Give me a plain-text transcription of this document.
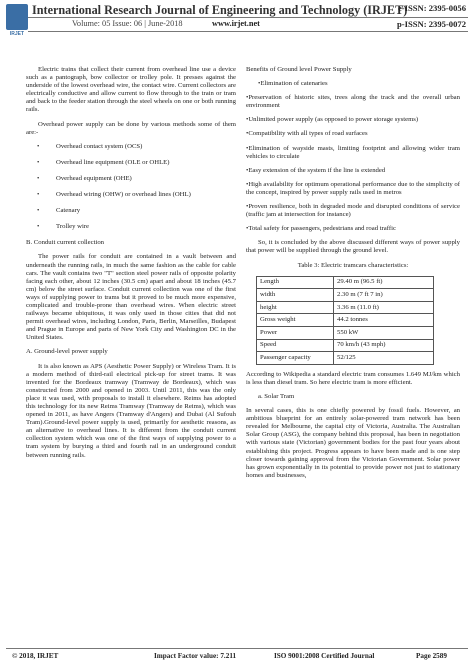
IRJET
International Research Journal of Engineering and Technology (IRJET)
e-ISSN: 2395-0056
Volume: 05 Issue: 06 | June-2018	www.irjet.net	p-ISSN: 2395-0072

Electric trains that collect their current from overhead line use a device such as a pantograph, bow collector or trolley pole. It presses against the underside of the lowest overhead wire, the contact wire. Current collectors are electrically conductive and allow current to flow through to the train or tram and back to the feeder station through the steel wheels on one or both running rails.

Overhead power supply can be done by various methods some of them are:-

• Overhead contact system (OCS)
• Overhead line equipment (OLE or OHLE)
• Overhead equipment (OHE)
• Overhead wiring (OHW) or overhead lines (OHL)
• Catenary
• Trolley wire
B. Conduit current collection

The power rails for conduit are contained in a vault between and underneath the running rails, in much the same fashion as the cable for cable cars. The vault contains two "T" section steel power rails of opposite polarity facing each other, about 12 inches (30.5 cm) apart and about 18 inches (45.7 cm) below the street surface. Conduit current collection was one of the first ways of supplying power to trams but it proved to be much more expensive, complicated and trouble-prone than overhead wires. When electric street railways became ubiquitous, it was only used in those cities that did not permit overhead wires, including London, Paris, Berlin, Marseilles, Budapest and Prague in Europe and parts of New York City and Washington DC in the United States.

A. Ground-level power supply

It is also known as APS (Aesthetic Power Supply) or Wireless Tram. It is a modern method of third-rail electrical pick-up for street trams. It was invented for the Bordeaux tramway (Tramway de Bordeaux), which was constructed from 2000 and opened in 2003. Until 2011, this was the only place it was used, with proposals to install it elsewhere. Reims has adopted this technology for its new Reims Tramway (Tramway de Reims), which was opened in 2011, as have Angers (Tramway d'Angers) and Dubai (Al Sufouh Tram).Ground-level power supply is used, primarily for aesthetic reasons, as an alternative to overhead lines. It is different from the conduit current collection system which was one of the first ways of supplying power to a tram system by burying a third and fourth rail in an underground conduit between running rails.

Benefits of Ground level Power Supply

•Elimination of catenaries

•Preservation of historic sites, trees along the track and the overall urban environment

•Unlimited power supply (as opposed to power storage systems)

•Compatibility with all types of road surfaces

•Elimination of wayside masts, limiting footprint and allowing wider tram vehicles to circulate

•Easy extension of the system if the line is extended

•High availability for optimum operational performance due to the simplicity of the concept, inspired by power supply rails used in metros

•Proven resilience, both in degraded mode and disrupted conditions of service (traffic jam at intersection for instance)

•Total safety for passengers, pedestrians and road traffic

So, it is concluded by the above discussed different ways of power supply that power will be supplied through the ground level.

Table 3: Electric tramcars characteristics:
Length	29.40 m (96.5 ft)
width	2.30 m (7 ft 7 in)
height	3.36 m (11.0 ft)
Gross weight	44.2 tonnes
Power	550 kW
Speed	70 km/h (43 mph)
Passenger capacity	52/125

According to Wikipedia a standard electric tram consumes 1.649 MJ/km which is less than diesel tram. So here electric tram is more efficient.

a. Solar Tram

In several cases, this is one chiefly powered by fossil fuels. However, an ambitious blueprint for an entirely solar-powered tram network has been revealed for Melbourne, the capital city of Victoria, Australia. The Australian Solar Group (ASG), the company behind this proposal, has been in negotiation with various state (Victorian) government bodies for the past four years about establishing this project. Progress appears to have been made and is one step closer towards gaining approval from the Victorian Government. Solar power has grown exponentially in its potential to provide power not just to stationary homes and businesses,

© 2018, IRJET	Impact Factor value: 7.211	ISO 9001:2008 Certified Journal	Page 2589
